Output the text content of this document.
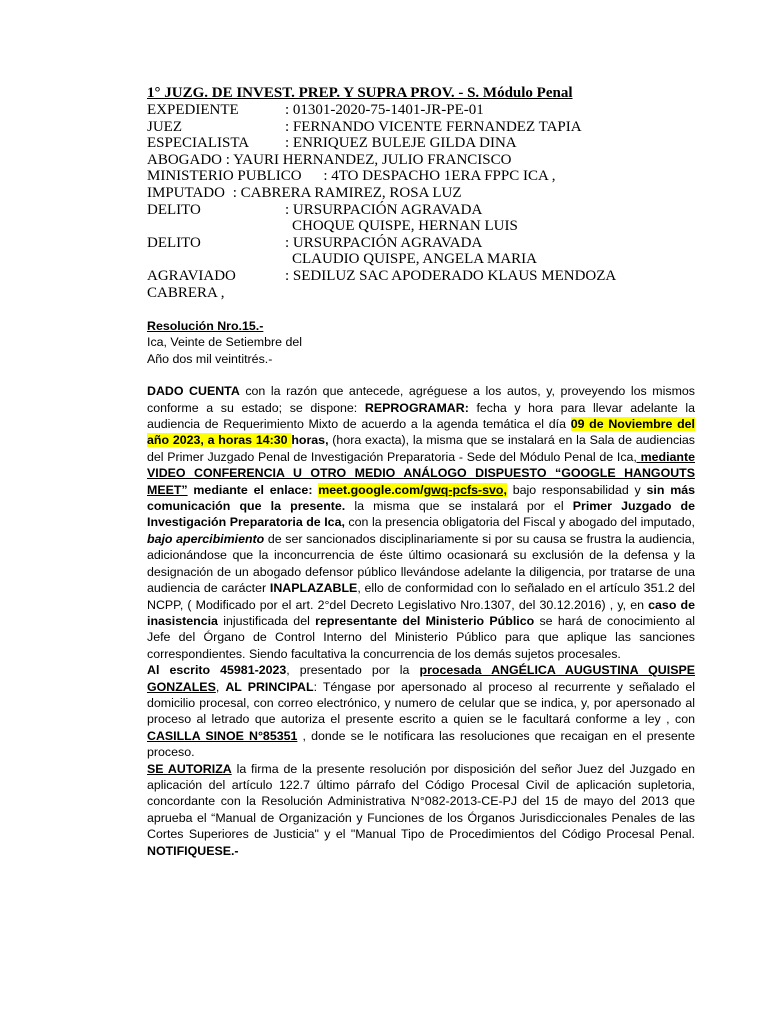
1° JUZG. DE INVEST. PREP. Y SUPRA PROV. - S. Módulo Penal
EXPEDIENTE	: 01301-2020-75-1401-JR-PE-01
JUEZ	: FERNANDO VICENTE FERNANDEZ TAPIA
ESPECIALISTA : ENRIQUEZ BULEJE GILDA DINA
ABOGADO : YAURI HERNANDEZ, JULIO FRANCISCO
MINISTERIO PUBLICO : 4TO DESPACHO 1ERA FPPC ICA ,
IMPUTADO : CABRERA RAMIREZ, ROSA LUZ
DELITO	: URSURPACIÓN AGRAVADA
CHOQUE QUISPE, HERNAN LUIS
DELITO	: URSURPACIÓN AGRAVADA
CLAUDIO QUISPE, ANGELA MARIA
AGRAVIADO	: SEDILUZ SAC APODERADO KLAUS MENDOZA
CABRERA ,
Resolución Nro.15.-
Ica, Veinte de Setiembre del
Año dos mil veintitrés.-

DADO CUENTA con la razón que antecede, agréguese a los autos, y, proveyendo los mismos conforme a su estado; se dispone: REPROGRAMAR: fecha y hora para llevar adelante la audiencia de Requerimiento Mixto de acuerdo a la agenda temática el día 09 de Noviembre del año 2023, a horas 14:30 horas, (hora exacta), la misma que se instalará en la Sala de audiencias del Primer Juzgado Penal de Investigación Preparatoria - Sede del Módulo Penal de Ica, mediante VIDEO CONFERENCIA U OTRO MEDIO ANÁLOGO DISPUESTO “GOOGLE HANGOUTS MEET” mediante el enlace: meet.google.com/gwq-pcfs-svo, bajo responsabilidad y sin más comunicación que la presente. la misma que se instalará por el Primer Juzgado de Investigación Preparatoria de Ica, con la presencia obligatoria del Fiscal y abogado del imputado, bajo apercibimiento de ser sancionados disciplinariamente si por su causa se frustra la audiencia, adicionándose que la inconcurrencia de éste último ocasionará su exclusión de la defensa y la designación de un abogado defensor público llevándose adelante la diligencia, por tratarse de una audiencia de carácter INAPLAZABLE, ello de conformidad con lo señalado en el artículo 351.2 del NCPP, ( Modificado por el art. 2°del Decreto Legislativo Nro.1307, del 30.12.2016) , y, en caso de inasistencia injustificada del representante del Ministerio Público se hará de conocimiento al Jefe del Órgano de Control Interno del Ministerio Público para que aplique las sanciones correspondientes. Siendo facultativa la concurrencia de los demás sujetos procesales.

Al escrito 45981-2023, presentado por la procesada ANGÉLICA AUGUSTINA QUISPE GONZALES, AL PRINCIPAL: Téngase por apersonado al proceso al recurrente y señalado el domicilio procesal, con correo electrónico, y numero de celular que se indica, y, por apersonado al proceso al letrado que autoriza el presente escrito a quien se le facultará conforme a ley , con CASILLA SINOE N°85351 , donde se le notificara las resoluciones que recaigan en el presente proceso.

SE AUTORIZA la firma de la presente resolución por disposición del señor Juez del Juzgado en aplicación del artículo 122.7 último párrafo del Código Procesal Civil de aplicación supletoria, concordante con la Resolución Administrativa N°082-2013-CE-PJ del 15 de mayo del 2013 que aprueba el “Manual de Organización y Funciones de los Órganos Jurisdiccionales Penales de las Cortes Superiores de Justicia" y el "Manual Tipo de Procedimientos del Código Procesal Penal. NOTIFIQUESE.-
